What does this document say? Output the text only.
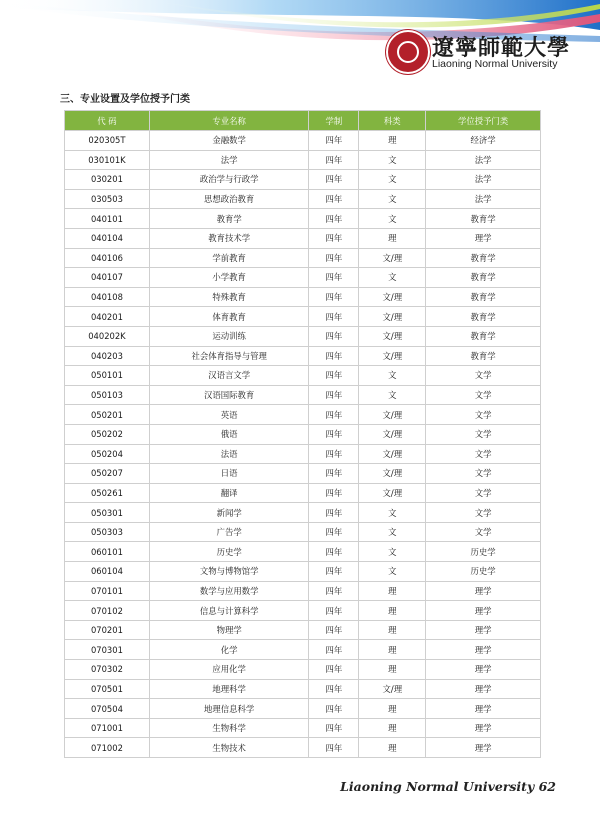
遼寧師範大學
Liaoning Normal University
三、专业设置及学位授予门类
代 码	专业名称	学制	科类	学位授予门类
020305T	金融数学	四年	理	经济学
030101K	法学	四年	文	法学
030201	政治学与行政学	四年	文	法学
030503	思想政治教育	四年	文	法学
040101	教育学	四年	文	教育学
040104	教育技术学	四年	理	理学
040106	学前教育	四年	文/理	教育学
040107	小学教育	四年	文	教育学
040108	特殊教育	四年	文/理	教育学
040201	体育教育	四年	文/理	教育学
040202K	运动训练	四年	文/理	教育学
040203	社会体育指导与管理	四年	文/理	教育学
050101	汉语言文学	四年	文	文学
050103	汉语国际教育	四年	文	文学
050201	英语	四年	文/理	文学
050202	俄语	四年	文/理	文学
050204	法语	四年	文/理	文学
050207	日语	四年	文/理	文学
050261	翻译	四年	文/理	文学
050301	新闻学	四年	文	文学
050303	广告学	四年	文	文学
060101	历史学	四年	文	历史学
060104	文物与博物馆学	四年	文	历史学
070101	数学与应用数学	四年	理	理学
070102	信息与计算科学	四年	理	理学
070201	物理学	四年	理	理学
070301	化学	四年	理	理学
070302	应用化学	四年	理	理学
070501	地理科学	四年	文/理	理学
070504	地理信息科学	四年	理	理学
071001	生物科学	四年	理	理学
071002	生物技术	四年	理	理学
Liaoning Normal University 62
